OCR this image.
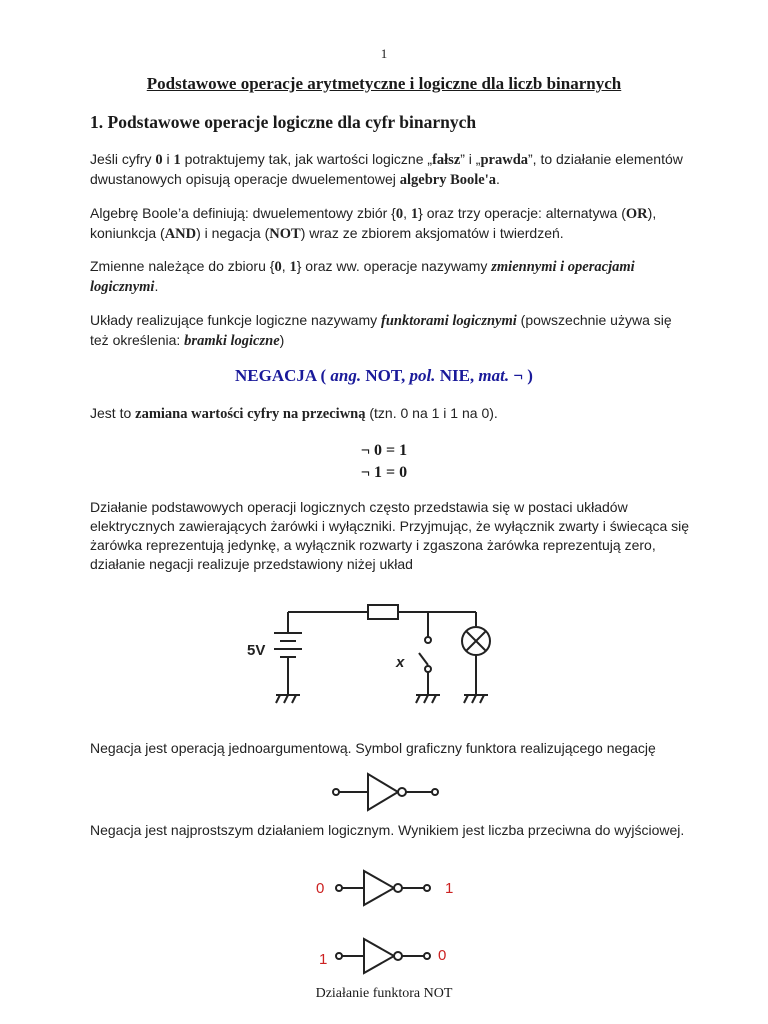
1
Podstawowe operacje arytmetyczne i logiczne dla liczb binarnych
1. Podstawowe operacje logiczne dla cyfr binarnych
Jeśli cyfry 0 i 1 potraktujemy tak, jak wartości logiczne „fałsz” i „prawda”, to działanie elementów dwustanowych opisują operacje dwuelementowej algebry Boole'a.
Algebrę Boole’a definiują: dwuelementowy zbiór {0, 1} oraz trzy operacje: alternatywa (OR), koniunkcja (AND) i negacja (NOT) wraz ze zbiorem aksjomatów i twierdzeń.
Zmienne należące do zbioru {0, 1} oraz ww. operacje nazywamy zmiennymi i operacjami logicznymi.
Układy realizujące funkcje logiczne nazywamy funktorami logicznymi (powszechnie używa się też określenia: bramki logiczne)
NEGACJA ( ang. NOT, pol. NIE, mat. ¬ )
Jest to zamiana wartości cyfry na przeciwną (tzn. 0 na 1 i 1 na 0).
¬ 0 = 1
¬ 1 = 0
Działanie podstawowych operacji logicznych często przedstawia się w postaci układów elektrycznych zawierających żarówki i wyłączniki. Przyjmując, że wyłącznik zwarty i świecąca się żarówka reprezentują jedynkę, a wyłącznik rozwarty i zgaszona żarówka reprezentują zero, działanie negacji realizuje przedstawiony niżej układ
5V
x
Negacja jest operacją jednoargumentową. Symbol graficzny funktora realizującego negację
Negacja jest najprostszym działaniem logicznym. Wynikiem jest liczba przeciwna do wyjściowej.
0	1
1	0
Działanie funktora NOT
